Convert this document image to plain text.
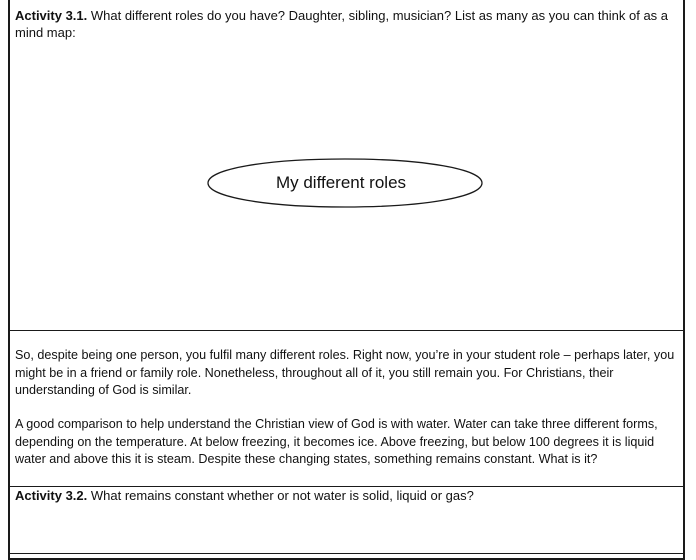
Activity 3.1. What different roles do you have? Daughter, sibling, musician? List as many as you can think of as a mind map:
My different roles

So, despite being one person, you fulfil many different roles. Right now, you’re in your student role – perhaps later, you might be in a friend or family role. Nonetheless, throughout all of it, you still remain you. For Christians, their understanding of God is similar.

A good comparison to help understand the Christian view of God is with water. Water can take three different forms, depending on the temperature. At below freezing, it becomes ice. Above freezing, but below 100 degrees it is liquid water and above this it is steam. Despite these changing states, something remains constant. What is it?

Activity 3.2. What remains constant whether or not water is solid, liquid or gas?
